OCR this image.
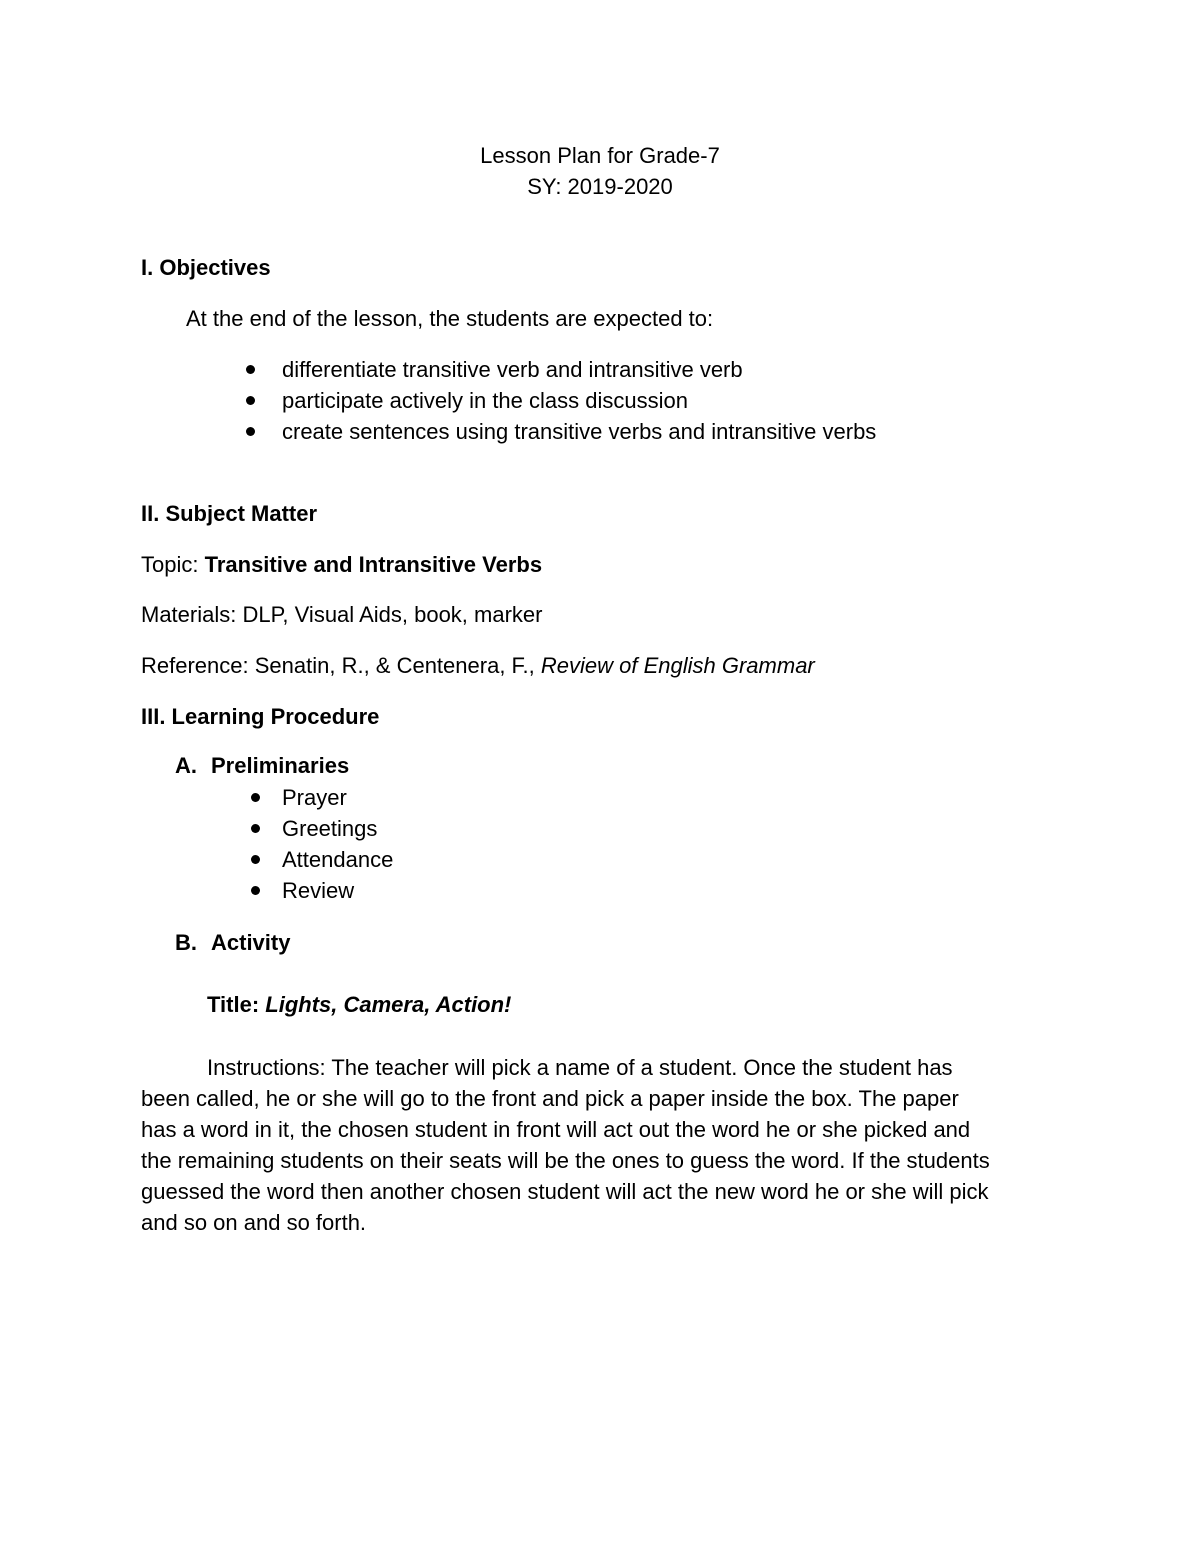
Lesson Plan for Grade-7
SY: 2019-2020
I. Objectives
At the end of the lesson, the students are expected to:
differentiate transitive verb and intransitive verb
participate actively in the class discussion
create sentences using transitive verbs and intransitive verbs
II. Subject Matter
Topic: Transitive and Intransitive Verbs
Materials: DLP, Visual Aids, book, marker
Reference: Senatin, R., & Centenera, F., Review of English Grammar
III. Learning Procedure
A. Preliminaries
Prayer
Greetings
Attendance
Review
B. Activity
Title: Lights, Camera, Action!
Instructions: The teacher will pick a name of a student. Once the student has
been called, he or she will go to the front and pick a paper inside the box. The paper
has a word in it, the chosen student in front will act out the word he or she picked and
the remaining students on their seats will be the ones to guess the word. If the students
guessed the word then another chosen student will act the new word he or she will pick
and so on and so forth.
